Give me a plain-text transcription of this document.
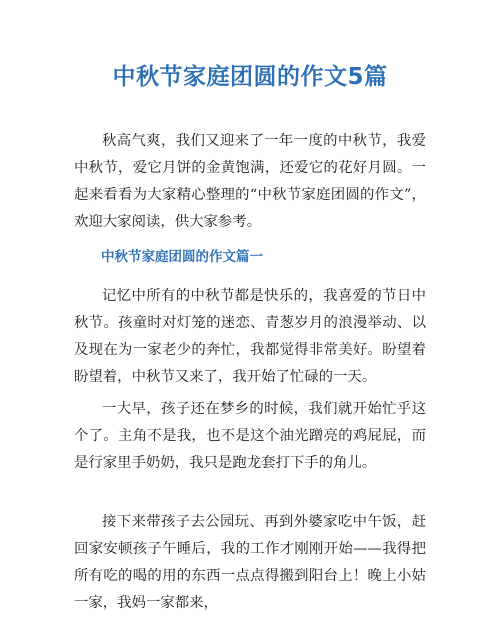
中秋节家庭团圆的作文5篇

秋高气爽，我们又迎来了一年一度的中秋节，我爱中秋节，爱它月饼的金黄饱满，还爱它的花好月圆。一起来看看为大家精心整理的“中秋节家庭团圆的作文”，欢迎大家阅读，供大家参考。

中秋节家庭团圆的作文篇一

记忆中所有的中秋节都是快乐的，我喜爱的节日中秋节。孩童时对灯笼的迷恋、青葱岁月的浪漫举动、以及现在为一家老少的奔忙，我都觉得非常美好。盼望着盼望着，中秋节又来了，我开始了忙碌的一天。

一大早，孩子还在梦乡的时候，我们就开始忙乎这个了。主角不是我，也不是这个油光蹭亮的鸡屁屁，而是行家里手奶奶，我只是跑龙套打下手的角儿。

接下来带孩子去公园玩、再到外婆家吃中午饭，赶回家安顿孩子午睡后，我的工作才刚刚开始——我得把所有吃的喝的用的东西一点点得搬到阳台上！晚上小姑一家，我妈一家都来，
